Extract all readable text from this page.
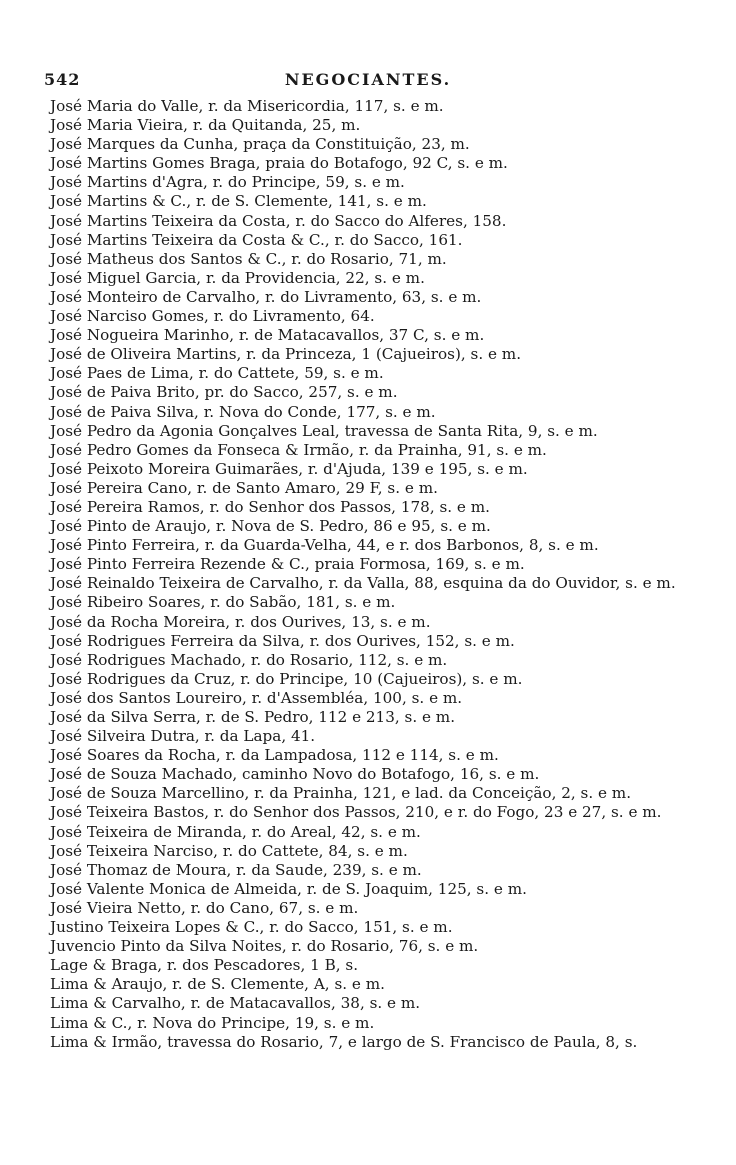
542	NEGOCIANTES.
José Maria do Valle, r. da Misericordia, 117, s. e m.
José Maria Vieira, r. da Quitanda, 25, m.
José Marques da Cunha, praça da Constituição, 23, m.
José Martins Gomes Braga, praia do Botafogo, 92 C, s. e m.
José Martins d'Agra, r. do Principe, 59, s. e m.
José Martins & C., r. de S. Clemente, 141, s. e m.
José Martins Teixeira da Costa, r. do Sacco do Alferes, 158.
José Martins Teixeira da Costa & C., r. do Sacco, 161.
José Matheus dos Santos & C., r. do Rosario, 71, m.
José Miguel Garcia, r. da Providencia, 22, s. e m.
José Monteiro de Carvalho, r. do Livramento, 63, s. e m.
José Narciso Gomes, r. do Livramento, 64.
José Nogueira Marinho, r. de Matacavallos, 37 C, s. e m.
José de Oliveira Martins, r. da Princeza, 1 (Cajueiros), s. e m.
José Paes de Lima, r. do Cattete, 59, s. e m.
José de Paiva Brito, pr. do Sacco, 257, s. e m.
José de Paiva Silva, r. Nova do Conde, 177, s. e m.
José Pedro da Agonia Gonçalves Leal, travessa de Santa Rita, 9, s. e m.
José Pedro Gomes da Fonseca & Irmão, r. da Prainha, 91, s. e m.
José Peixoto Moreira Guimarães, r. d'Ajuda, 139 e 195, s. e m.
José Pereira Cano, r. de Santo Amaro, 29 F, s. e m.
José Pereira Ramos, r. do Senhor dos Passos, 178, s. e m.
José Pinto de Araujo, r. Nova de S. Pedro, 86 e 95, s. e m.
José Pinto Ferreira, r. da Guarda-Velha, 44, e r. dos Barbonos, 8, s. e m.
José Pinto Ferreira Rezende & C., praia Formosa, 169, s. e m.
José Reinaldo Teixeira de Carvalho, r. da Valla, 88, esquina da do Ouvidor, s. e m.
José Ribeiro Soares, r. do Sabão, 181, s. e m.
José da Rocha Moreira, r. dos Ourives, 13, s. e m.
José Rodrigues Ferreira da Silva, r. dos Ourives, 152, s. e m.
José Rodrigues Machado, r. do Rosario, 112, s. e m.
José Rodrigues da Cruz, r. do Principe, 10 (Cajueiros), s. e m.
José dos Santos Loureiro, r. d'Assembléa, 100, s. e m.
José da Silva Serra, r. de S. Pedro, 112 e 213, s. e m.
José Silveira Dutra, r. da Lapa, 41.
José Soares da Rocha, r. da Lampadosa, 112 e 114, s. e m.
José de Souza Machado, caminho Novo do Botafogo, 16, s. e m.
José de Souza Marcellino, r. da Prainha, 121, e lad. da Conceição, 2, s. e m.
José Teixeira Bastos, r. do Senhor dos Passos, 210, e r. do Fogo, 23 e 27, s. e m.
José Teixeira de Miranda, r. do Areal, 42, s. e m.
José Teixeira Narciso, r. do Cattete, 84, s. e m.
José Thomaz de Moura, r. da Saude, 239, s. e m.
José Valente Monica de Almeida, r. de S. Joaquim, 125, s. e m.
José Vieira Netto, r. do Cano, 67, s. e m.
Justino Teixeira Lopes & C., r. do Sacco, 151, s. e m.
Juvencio Pinto da Silva Noites, r. do Rosario, 76, s. e m.
Lage & Braga, r. dos Pescadores, 1 B, s.
Lima & Araujo, r. de S. Clemente, A, s. e m.
Lima & Carvalho, r. de Matacavallos, 38, s. e m.
Lima & C., r. Nova do Principe, 19, s. e m.
Lima & Irmão, travessa do Rosario, 7, e largo de S. Francisco de Paula, 8, s.
